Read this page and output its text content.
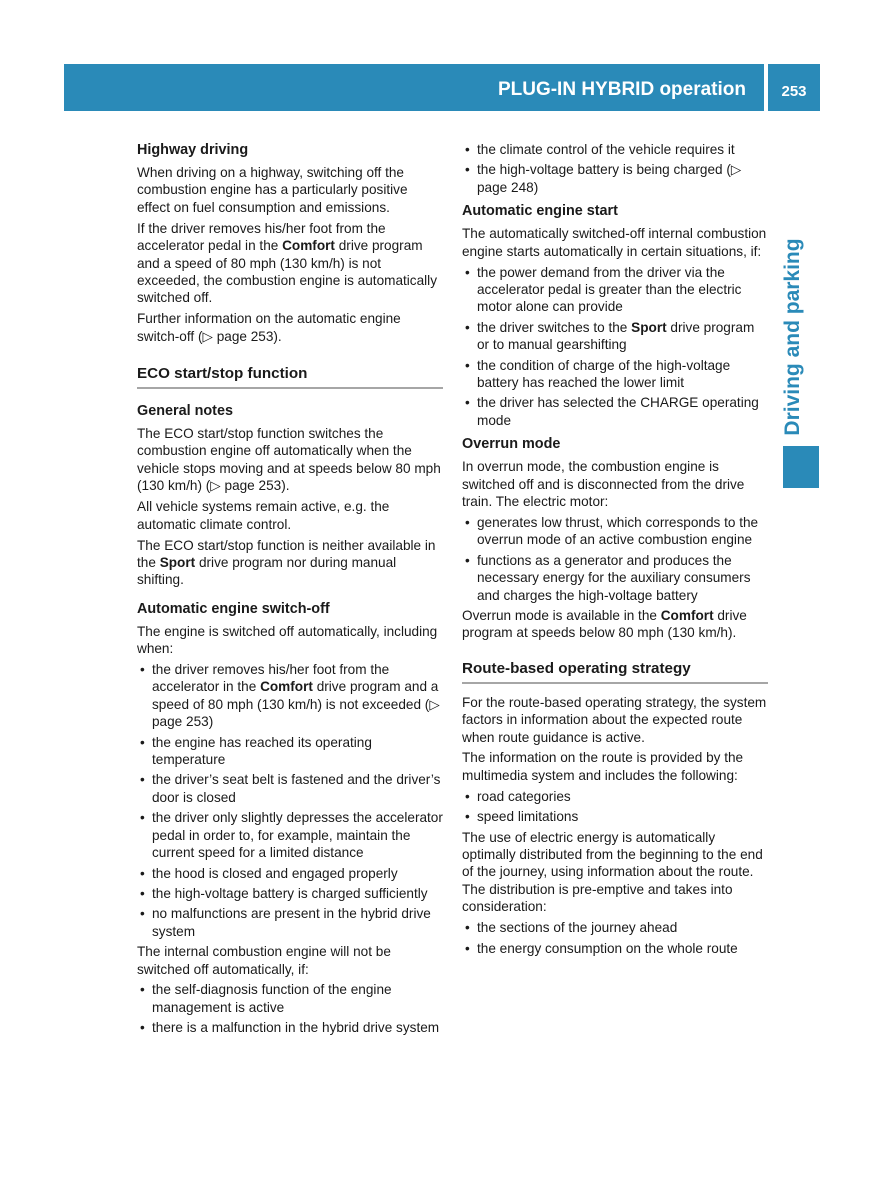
PLUG-IN HYBRID operation	253
Driving and parking
Highway driving

When driving on a highway, switching off the combustion engine has a particularly positive effect on fuel consumption and emissions.

If the driver removes his/her foot from the accelerator pedal in the Comfort drive program and a speed of 80 mph (130 km/h) is not exceeded, the combustion engine is automatically switched off.

Further information on the automatic engine switch-off (▷ page 253).

ECO start/stop function
General notes

The ECO start/stop function switches the combustion engine off automatically when the vehicle stops moving and at speeds below 80 mph (130 km/h) (▷ page 253).

All vehicle systems remain active, e.g. the automatic climate control.

The ECO start/stop function is neither available in the Sport drive program nor during manual shifting.

Automatic engine switch-off

The engine is switched off automatically, including when:

• the driver removes his/her foot from the accelerator in the Comfort drive program and a speed of 80 mph (130 km/h) is not exceeded (▷ page 253)
• the engine has reached its operating temperature
• the driver’s seat belt is fastened and the driver’s door is closed
• the driver only slightly depresses the accelerator pedal in order to, for example, maintain the current speed for a limited distance
• the hood is closed and engaged properly
• the high-voltage battery is charged sufficiently
• no malfunctions are present in the hybrid drive system

The internal combustion engine will not be switched off automatically, if:

• the self-diagnosis function of the engine management is active
• there is a malfunction in the hybrid drive system
• the climate control of the vehicle requires it
• the high-voltage battery is being charged (▷ page 248)
Automatic engine start

The automatically switched-off internal combustion engine starts automatically in certain situations, if:

• the power demand from the driver via the accelerator pedal is greater than the electric motor alone can provide
• the driver switches to the Sport drive program or to manual gearshifting
• the condition of charge of the high-voltage battery has reached the lower limit
• the driver has selected the CHARGE operating mode
Overrun mode

In overrun mode, the combustion engine is switched off and is disconnected from the drive train. The electric motor:

• generates low thrust, which corresponds to the overrun mode of an active combustion engine
• functions as a generator and produces the necessary energy for the auxiliary consumers and charges the high-voltage battery

Overrun mode is available in the Comfort drive program at speeds below 80 mph (130 km/h).

Route-based operating strategy

For the route-based operating strategy, the system factors in information about the expected route when route guidance is active.

The information on the route is provided by the multimedia system and includes the following:

• road categories
• speed limitations

The use of electric energy is automatically optimally distributed from the beginning to the end of the journey, using information about the route. The distribution is pre-emptive and takes into consideration:

• the sections of the journey ahead
• the energy consumption on the whole route
